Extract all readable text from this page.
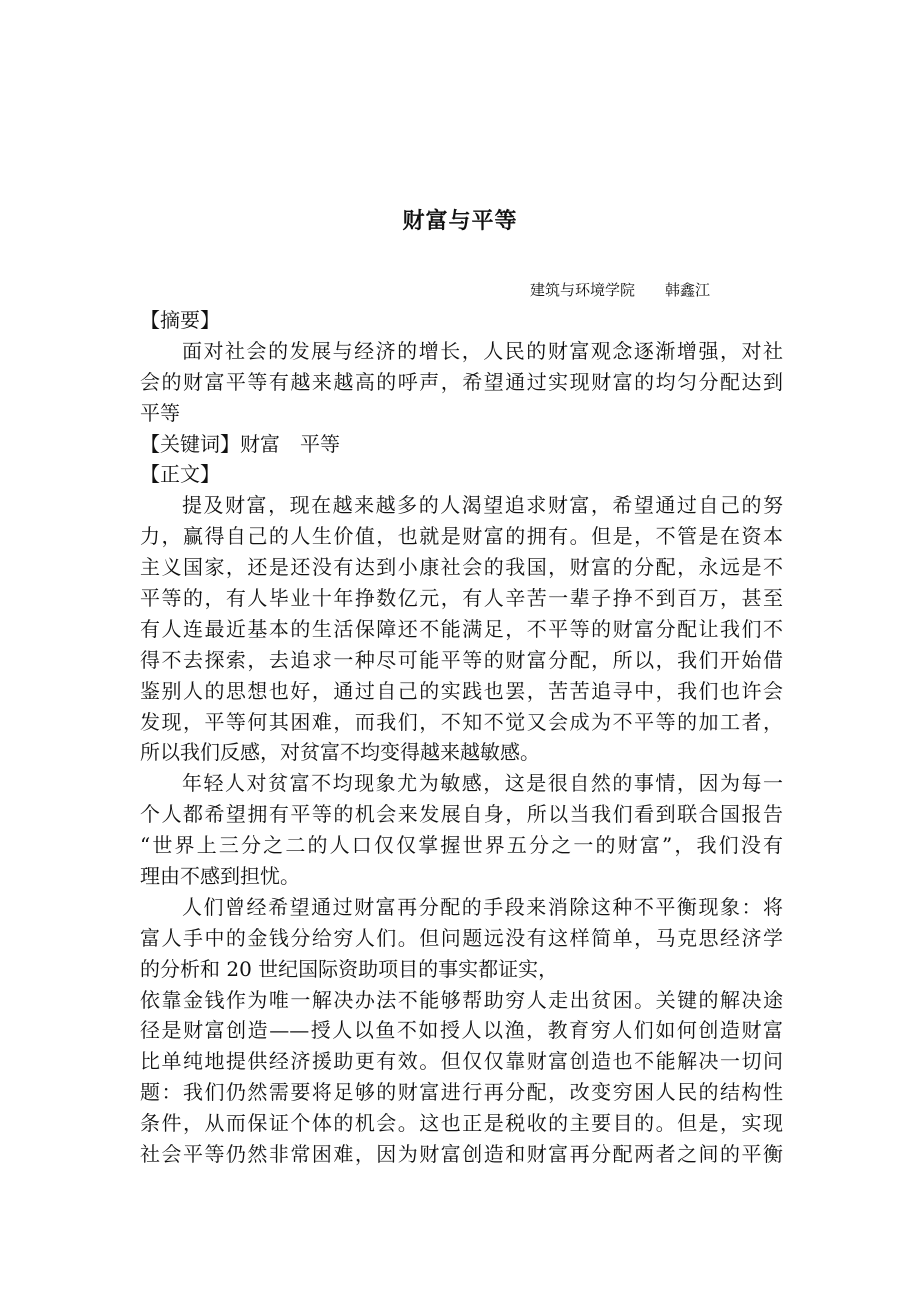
财富与平等
建筑与环境学院 韩鑫江
【摘要】
面对社会的发展与经济的增长，人民的财富观念逐渐增强，对社
会的财富平等有越来越高的呼声，希望通过实现财富的均匀分配达到
平等
【关键词】财富 平等
【正文】
提及财富，现在越来越多的人渴望追求财富，希望通过自己的努
力，赢得自己的人生价值，也就是财富的拥有。但是，不管是在资本
主义国家，还是还没有达到小康社会的我国，财富的分配，永远是不
平等的，有人毕业十年挣数亿元，有人辛苦一辈子挣不到百万，甚至
有人连最近基本的生活保障还不能满足，不平等的财富分配让我们不
得不去探索，去追求一种尽可能平等的财富分配，所以，我们开始借
鉴别人的思想也好，通过自己的实践也罢，苦苦追寻中，我们也许会
发现，平等何其困难，而我们，不知不觉又会成为不平等的加工者，
所以我们反感，对贫富不均变得越来越敏感。
年轻人对贫富不均现象尤为敏感，这是很自然的事情，因为每一
个人都希望拥有平等的机会来发展自身，所以当我们看到联合国报告
“世界上三分之二的人口仅仅掌握世界五分之一的财富”，我们没有
理由不感到担忧。
人们曾经希望通过财富再分配的手段来消除这种不平衡现象：将
富人手中的金钱分给穷人们。但问题远没有这样简单，马克思经济学
的分析和 20 世纪国际资助项目的事实都证实，
依靠金钱作为唯一解决办法不能够帮助穷人走出贫困。关键的解决途
径是财富创造——授人以鱼不如授人以渔，教育穷人们如何创造财富
比单纯地提供经济援助更有效。但仅仅靠财富创造也不能解决一切问
题：我们仍然需要将足够的财富进行再分配，改变穷困人民的结构性
条件，从而保证个体的机会。这也正是税收的主要目的。但是，实现
社会平等仍然非常困难，因为财富创造和财富再分配两者之间的平衡
